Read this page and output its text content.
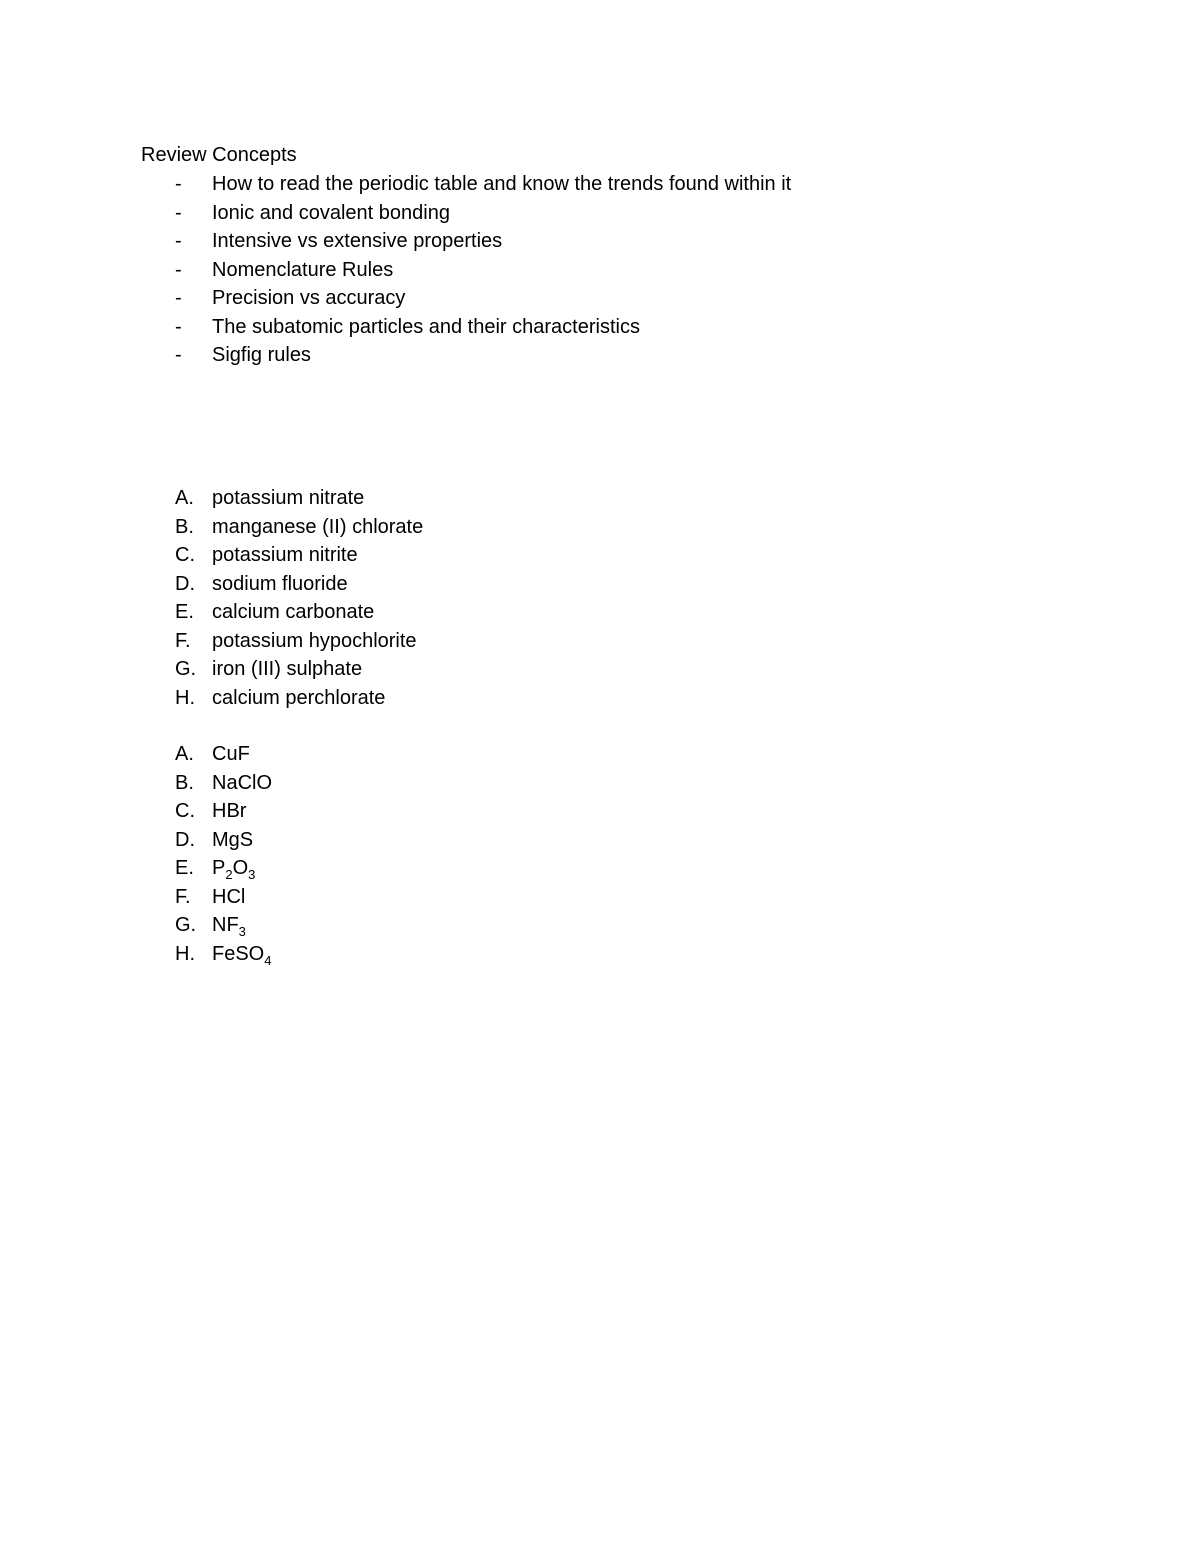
Review Concepts
- How to read the periodic table and know the trends found within it
- Ionic and covalent bonding
- Intensive vs extensive properties
- Nomenclature Rules
- Precision vs accuracy
- The subatomic particles and their characteristics
- Sigfig rules
A. potassium nitrate
B. manganese (II) chlorate
C. potassium nitrite
D. sodium fluoride
E. calcium carbonate
F. potassium hypochlorite
G. iron (III) sulphate
H. calcium perchlorate
A. CuF
B. NaClO
C. HBr
D. MgS
E. $P_2O_3$
F. HCl
G. $NF_3$
H. FeSO$_4$
